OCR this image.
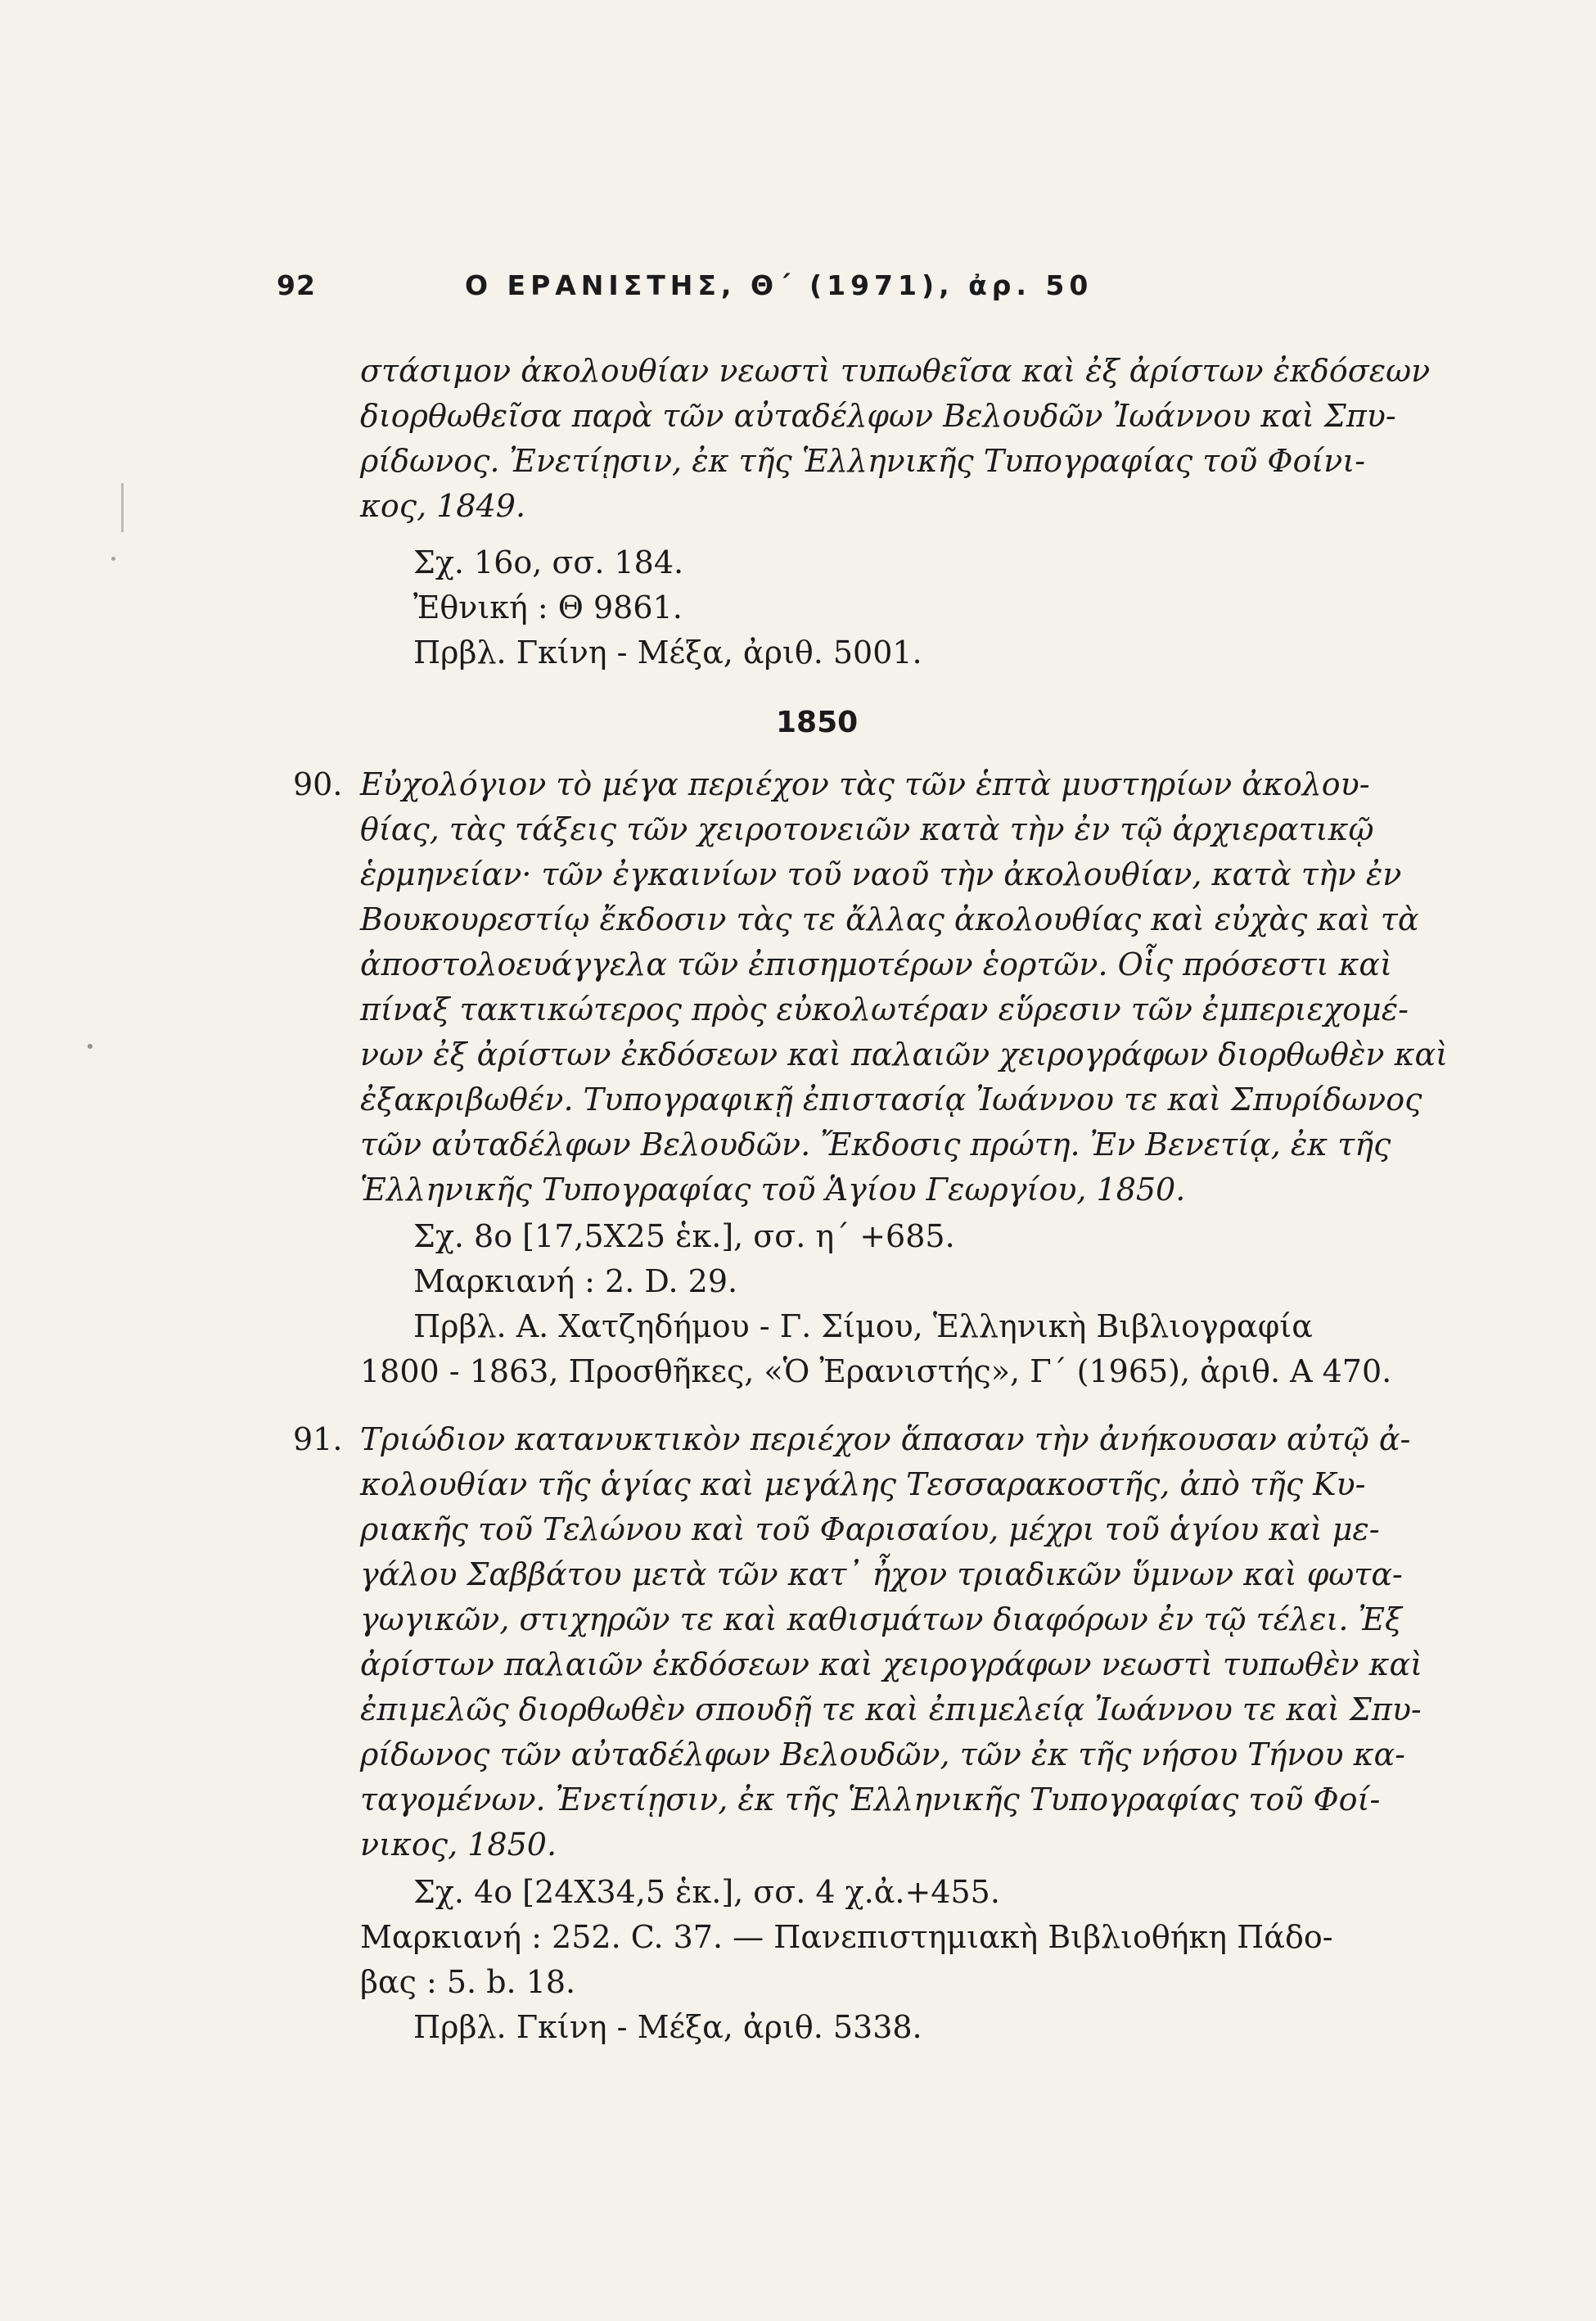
92	Ο ΕΡΑΝΙΣΤΗΣ, Θ΄ (1971), ἀρ. 50
στάσιμον ἀκολουθίαν νεωστὶ τυπωθεῖσα καὶ ἐξ ἀρίστων ἐκδόσεων
διορθωθεῖσα παρὰ τῶν αὐταδέλφων Βελουδῶν Ἰωάννου καὶ Σπυ-
ρίδωνος. Ἐνετίῃσιν, ἐκ τῆς Ἑλληνικῆς Τυπογραφίας τοῦ Φοίνι-
κος, 1849.
Σχ. 16ο, σσ. 184.
Ἐθνική : Θ 9861.
Πρβλ. Γκίνη - Μέξα, ἀριθ. 5001.
1850
90. Εὐχολόγιον τὸ μέγα περιέχον τὰς τῶν ἑπτὰ μυστηρίων ἀκολου-
θίας, τὰς τάξεις τῶν χειροτονειῶν κατὰ τὴν ἐν τῷ ἀρχιερατικῷ
ἑρμηνείαν· τῶν ἐγκαινίων τοῦ ναοῦ τὴν ἀκολουθίαν, κατὰ τὴν ἐν
Βουκουρεστίῳ ἔκδοσιν τὰς τε ἄλλας ἀκολουθίας καὶ εὐχὰς καὶ τὰ
ἀποστολοευάγγελα τῶν ἐπισημοτέρων ἑορτῶν. Οἷς πρόσεστι καὶ
πίναξ τακτικώτερος πρὸς εὐκολωτέραν εὕρεσιν τῶν ἐμπεριεχομέ-
νων ἐξ ἀρίστων ἐκδόσεων καὶ παλαιῶν χειρογράφων διορθωθὲν καὶ
ἐξακριβωθέν. Τυπογραφικῇ ἐπιστασίᾳ Ἰωάννου τε καὶ Σπυρίδωνος
τῶν αὐταδέλφων Βελουδῶν. Ἔκδοσις πρώτη. Ἐν Βενετίᾳ, ἐκ τῆς
Ἑλληνικῆς Τυπογραφίας τοῦ Ἁγίου Γεωργίου, 1850.
Σχ. 8ο [17,5Χ25 ἑκ.], σσ. η΄ +685.
Μαρκιανή : 2. D. 29.
Πρβλ. Α. Χατζηδήμου - Γ. Σίμου, Ἑλληνικὴ Βιβλιογραφία
1800 - 1863, Προσθῆκες, «Ὁ Ἐρανιστής», Γ΄ (1965), ἀριθ. Α 470.
91. Τριώδιον κατανυκτικὸν περιέχον ἅπασαν τὴν ἀνήκουσαν αὐτῷ ἀ-
κολουθίαν τῆς ἁγίας καὶ μεγάλης Τεσσαρακοστῆς, ἀπὸ τῆς Κυ-
ριακῆς τοῦ Τελώνου καὶ τοῦ Φαρισαίου, μέχρι τοῦ ἁγίου καὶ με-
γάλου Σαββάτου μετὰ τῶν κατ᾽ ἦχον τριαδικῶν ὕμνων καὶ φωτα-
γωγικῶν, στιχηρῶν τε καὶ καθισμάτων διαφόρων ἐν τῷ τέλει. Ἐξ
ἀρίστων παλαιῶν ἐκδόσεων καὶ χειρογράφων νεωστὶ τυπωθὲν καὶ
ἐπιμελῶς διορθωθὲν σπουδῇ τε καὶ ἐπιμελείᾳ Ἰωάννου τε καὶ Σπυ-
ρίδωνος τῶν αὐταδέλφων Βελουδῶν, τῶν ἐκ τῆς νήσου Τήνου κα-
ταγομένων. Ἐνετίῃσιν, ἐκ τῆς Ἑλληνικῆς Τυπογραφίας τοῦ Φοί-
νικος, 1850.
Σχ. 4ο [24Χ34,5 ἑκ.], σσ. 4 χ.ἀ.+455.
Μαρκιανή : 252. C. 37. — Πανεπιστημιακὴ Βιβλιοθήκη Πάδο-
βας : 5. b. 18.
Πρβλ. Γκίνη - Μέξα, ἀριθ. 5338.
